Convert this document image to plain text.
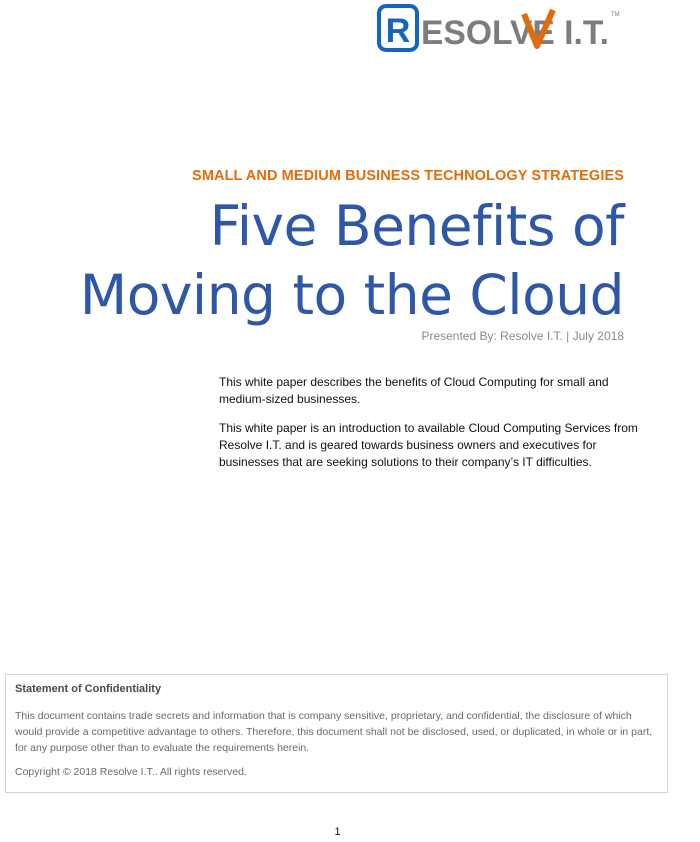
R ESOLVE I.T. TM
SMALL AND MEDIUM BUSINESS TECHNOLOGY STRATEGIES
Five Benefits of
Moving to the Cloud

Presented By: Resolve I.T. | July 2018

This white paper describes the benefits of Cloud Computing for small and medium-sized businesses.

This white paper is an introduction to available Cloud Computing Services from Resolve I.T. and is geared towards business owners and executives for businesses that are seeking solutions to their company’s IT difficulties.

Statement of Confidentiality

This document contains trade secrets and information that is company sensitive, proprietary, and confidential, the disclosure of which would provide a competitive advantage to others. Therefore, this document shall not be disclosed, used, or duplicated, in whole or in part, for any purpose other than to evaluate the requirements herein.

Copyright © 2018 Resolve I.T.. All rights reserved.

1
